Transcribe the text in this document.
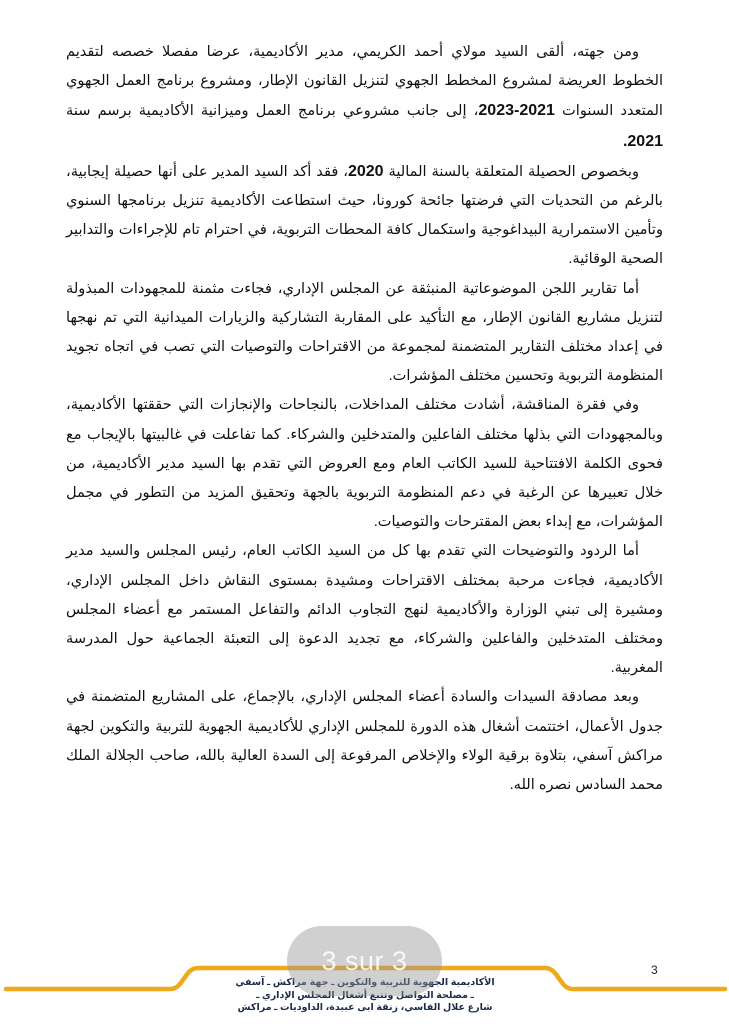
ومن جهته، ألقى السيد مولاي أحمد الكريمي، مدير الأكاديمية، عرضا مفصلا خصصه لتقديم الخطوط العريضة لمشروع المخطط الجهوي لتنزيل القانون الإطار، ومشروع برنامج العمل الجهوي المتعدد السنوات 2021-2023، إلى جانب مشروعي برنامج العمل وميزانية الأكاديمية برسم سنة 2021.

وبخصوص الحصيلة المتعلقة بالسنة المالية 2020، فقد أكد السيد المدير على أنها حصيلة إيجابية، بالرغم من التحديات التي فرضتها جائحة كورونا، حيث استطاعت الأكاديمية تنزيل برنامجها السنوي وتأمين الاستمرارية البيداغوجية واستكمال كافة المحطات التربوية، في احترام تام للإجراءات والتدابير الصحية الوقائية.

أما تقارير اللجن الموضوعاتية المنبثقة عن المجلس الإداري، فجاءت مثمنة للمجهودات المبذولة لتنزيل مشاريع القانون الإطار، مع التأكيد على المقاربة التشاركية والزيارات الميدانية التي تم نهجها في إعداد مختلف التقارير المتضمنة لمجموعة من الاقتراحات والتوصيات التي تصب في اتجاه تجويد المنظومة التربوية وتحسين مختلف المؤشرات.

وفي فقرة المناقشة، أشادت مختلف المداخلات، بالنجاحات والإنجازات التي حققتها الأكاديمية، وبالمجهودات التي بذلها مختلف الفاعلين والمتدخلين والشركاء. كما تفاعلت في غالبيتها بالإيجاب مع فحوى الكلمة الافتتاحية للسيد الكاتب العام ومع العروض التي تقدم بها السيد مدير الأكاديمية، من خلال تعبيرها عن الرغبة في دعم المنظومة التربوية بالجهة وتحقيق المزيد من التطور في مجمل المؤشرات، مع إبداء بعض المقترحات والتوصيات.

أما الردود والتوضيحات التي تقدم بها كل من السيد الكاتب العام، رئيس المجلس والسيد مدير الأكاديمية، فجاءت مرحبة بمختلف الاقتراحات ومشيدة بمستوى النقاش داخل المجلس الإداري، ومشيرة إلى تبني الوزارة والأكاديمية لنهج التجاوب الدائم والتفاعل المستمر مع أعضاء المجلس ومختلف المتدخلين والفاعلين والشركاء، مع تجديد الدعوة إلى التعبئة الجماعية حول المدرسة المغربية.

وبعد مصادقة السيدات والسادة أعضاء المجلس الإداري، بالإجماع، على المشاريع المتضمنة في جدول الأعمال، اختتمت أشغال هذه الدورة للمجلس الإداري للأكاديمية الجهوية للتربية والتكوين لجهة مراكش آسفي، بتلاوة برقية الولاء والإخلاص المرفوعة إلى السدة العالية بالله، صاحب الجلالة الملك محمد السادس نصره الله.

3
الأكاديمية الجهوية للتربية والتكوين ـ جهة مراكش ـ آسفي
ـ مصلحة التواصل وتتبع أشغال المجلس الإداري ـ
شارع علال الفاسي، زنقة ابى عبيدة، الداوديات ـ مراكش
3 sur 3
